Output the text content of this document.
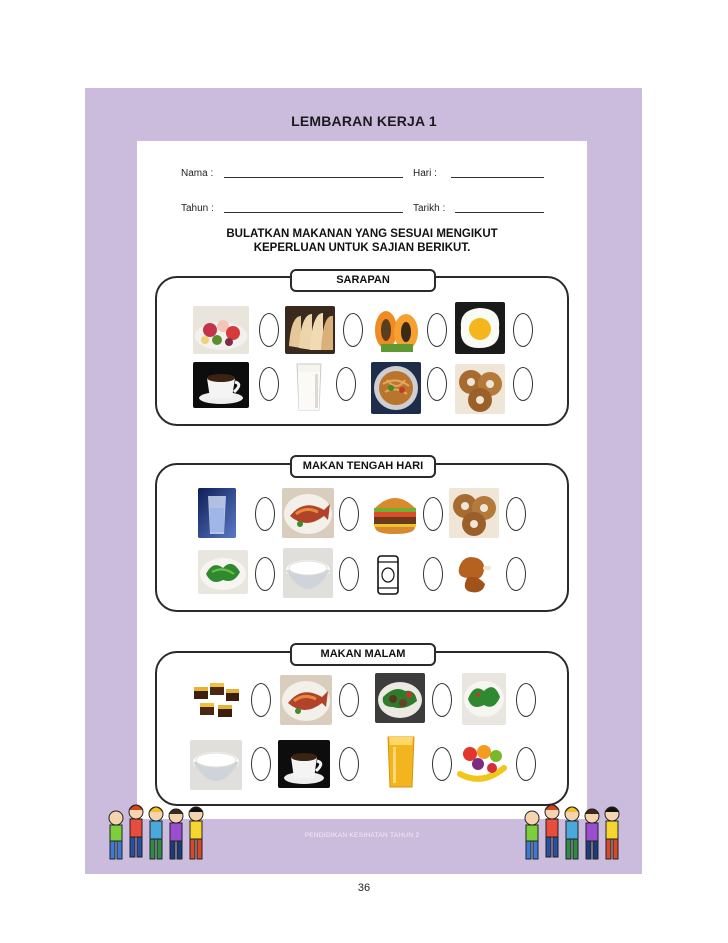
LEMBARAN KERJA 1
Nama :	Hari :
Tahun :	Tarikh :
BULATKAN MAKANAN YANG SESUAI MENGIKUT
KEPERLUAN UNTUK SAJIAN BERIKUT.
SARAPAN
MAKAN TENGAH HARI
MAKAN MALAM
PENDIDIKAN KESIHATAN TAHUN 2
36
